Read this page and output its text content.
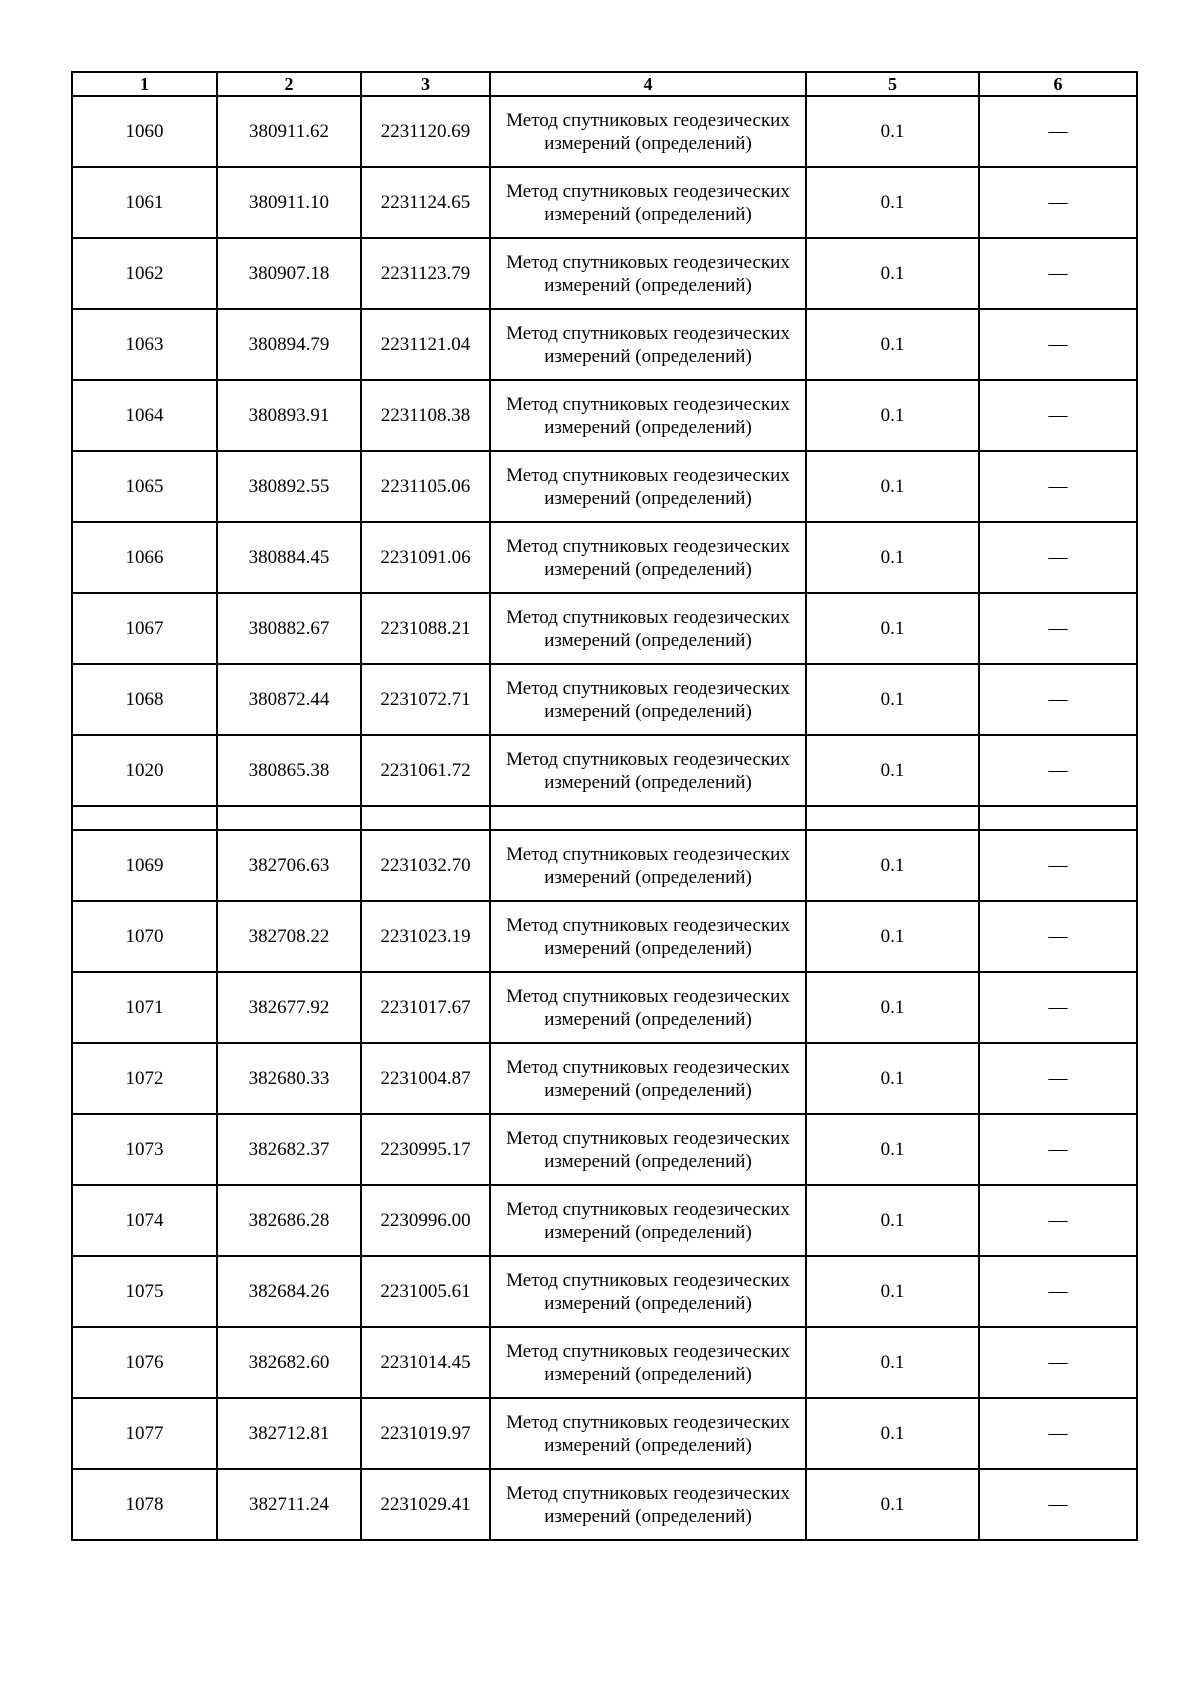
1	2	3	4	5	6
1060	380911.62	2231120.69	Метод спутниковых геодезических измерений (определений)	0.1	—
1061	380911.10	2231124.65	Метод спутниковых геодезических измерений (определений)	0.1	—
1062	380907.18	2231123.79	Метод спутниковых геодезических измерений (определений)	0.1	—
1063	380894.79	2231121.04	Метод спутниковых геодезических измерений (определений)	0.1	—
1064	380893.91	2231108.38	Метод спутниковых геодезических измерений (определений)	0.1	—
1065	380892.55	2231105.06	Метод спутниковых геодезических измерений (определений)	0.1	—
1066	380884.45	2231091.06	Метод спутниковых геодезических измерений (определений)	0.1	—
1067	380882.67	2231088.21	Метод спутниковых геодезических измерений (определений)	0.1	—
1068	380872.44	2231072.71	Метод спутниковых геодезических измерений (определений)	0.1	—
1020	380865.38	2231061.72	Метод спутниковых геодезических измерений (определений)	0.1	—

1069	382706.63	2231032.70	Метод спутниковых геодезических измерений (определений)	0.1	—
1070	382708.22	2231023.19	Метод спутниковых геодезических измерений (определений)	0.1	—
1071	382677.92	2231017.67	Метод спутниковых геодезических измерений (определений)	0.1	—
1072	382680.33	2231004.87	Метод спутниковых геодезических измерений (определений)	0.1	—
1073	382682.37	2230995.17	Метод спутниковых геодезических измерений (определений)	0.1	—
1074	382686.28	2230996.00	Метод спутниковых геодезических измерений (определений)	0.1	—
1075	382684.26	2231005.61	Метод спутниковых геодезических измерений (определений)	0.1	—
1076	382682.60	2231014.45	Метод спутниковых геодезических измерений (определений)	0.1	—
1077	382712.81	2231019.97	Метод спутниковых геодезических измерений (определений)	0.1	—
1078	382711.24	2231029.41	Метод спутниковых геодезических измерений (определений)	0.1	—
